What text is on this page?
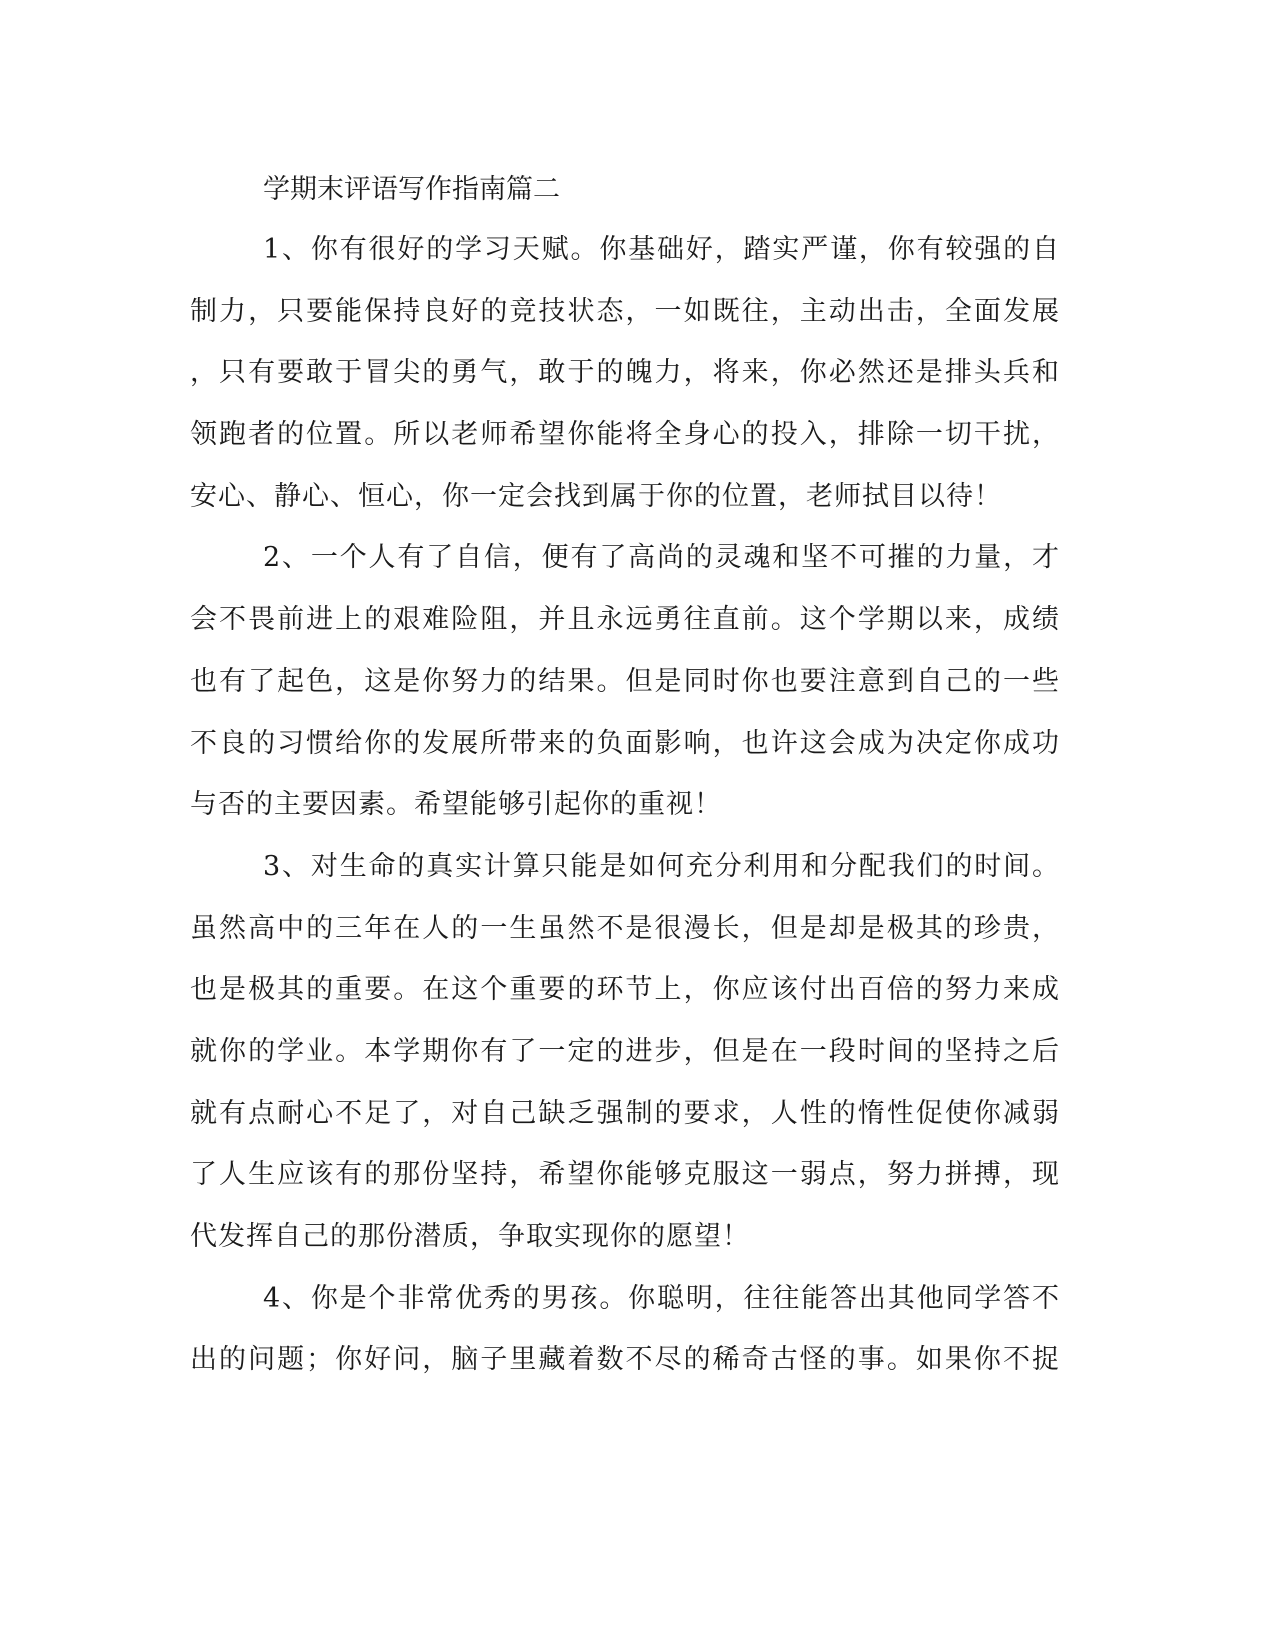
学期末评语写作指南篇二
1、你有很好的学习天赋。你基础好，踏实严谨，你有较强的自
制力，只要能保持良好的竞技状态，一如既往，主动出击，全面发展
，只有要敢于冒尖的勇气，敢于的魄力，将来，你必然还是排头兵和
领跑者的位置。所以老师希望你能将全身心的投入，排除一切干扰，
安心、静心、恒心，你一定会找到属于你的位置，老师拭目以待！
2、一个人有了自信，便有了高尚的灵魂和坚不可摧的力量，才
会不畏前进上的艰难险阻，并且永远勇往直前。这个学期以来，成绩
也有了起色，这是你努力的结果。但是同时你也要注意到自己的一些
不良的习惯给你的发展所带来的负面影响，也许这会成为决定你成功
与否的主要因素。希望能够引起你的重视！
3、对生命的真实计算只能是如何充分利用和分配我们的时间。
虽然高中的三年在人的一生虽然不是很漫长，但是却是极其的珍贵，
也是极其的重要。在这个重要的环节上，你应该付出百倍的努力来成
就你的学业。本学期你有了一定的进步，但是在一段时间的坚持之后
就有点耐心不足了，对自己缺乏强制的要求，人性的惰性促使你减弱
了人生应该有的那份坚持，希望你能够克服这一弱点，努力拼搏，现
代发挥自己的那份潜质，争取实现你的愿望！
4、你是个非常优秀的男孩。你聪明，往往能答出其他同学答不
出的问题；你好问，脑子里藏着数不尽的稀奇古怪的事。如果你不捉
